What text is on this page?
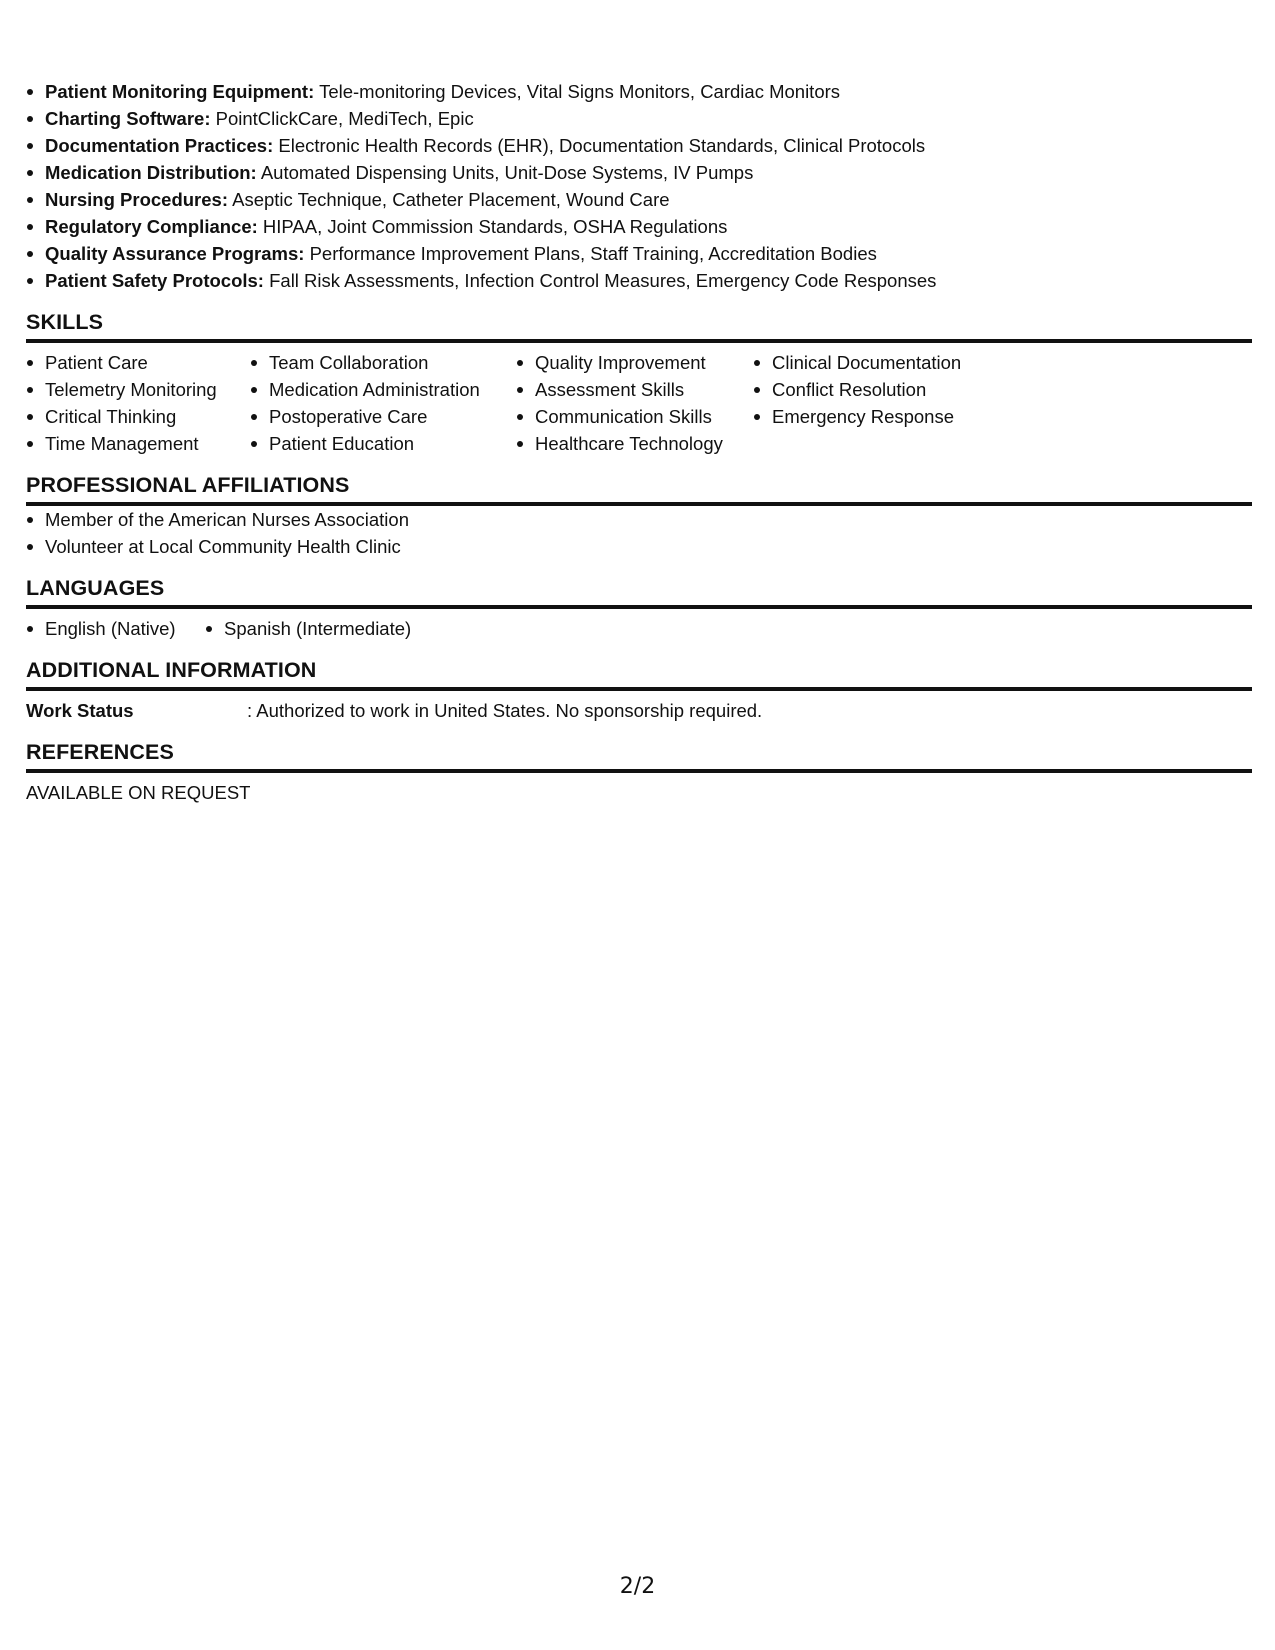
Patient Monitoring Equipment: Tele-monitoring Devices, Vital Signs Monitors, Cardiac Monitors
Charting Software: PointClickCare, MediTech, Epic
Documentation Practices: Electronic Health Records (EHR), Documentation Standards, Clinical Protocols
Medication Distribution: Automated Dispensing Units, Unit-Dose Systems, IV Pumps
Nursing Procedures: Aseptic Technique, Catheter Placement, Wound Care
Regulatory Compliance: HIPAA, Joint Commission Standards, OSHA Regulations
Quality Assurance Programs: Performance Improvement Plans, Staff Training, Accreditation Bodies
Patient Safety Protocols: Fall Risk Assessments, Infection Control Measures, Emergency Code Responses
SKILLS
Patient Care
Telemetry Monitoring
Critical Thinking
Time Management
Team Collaboration
Medication Administration
Postoperative Care
Patient Education
Quality Improvement
Assessment Skills
Communication Skills
Healthcare Technology
Clinical Documentation
Conflict Resolution
Emergency Response
PROFESSIONAL AFFILIATIONS
Member of the American Nurses Association
Volunteer at Local Community Health Clinic
LANGUAGES
English (Native)	Spanish (Intermediate)
ADDITIONAL INFORMATION
Work Status	: Authorized to work in United States. No sponsorship required.
REFERENCES
AVAILABLE ON REQUEST
2/2
